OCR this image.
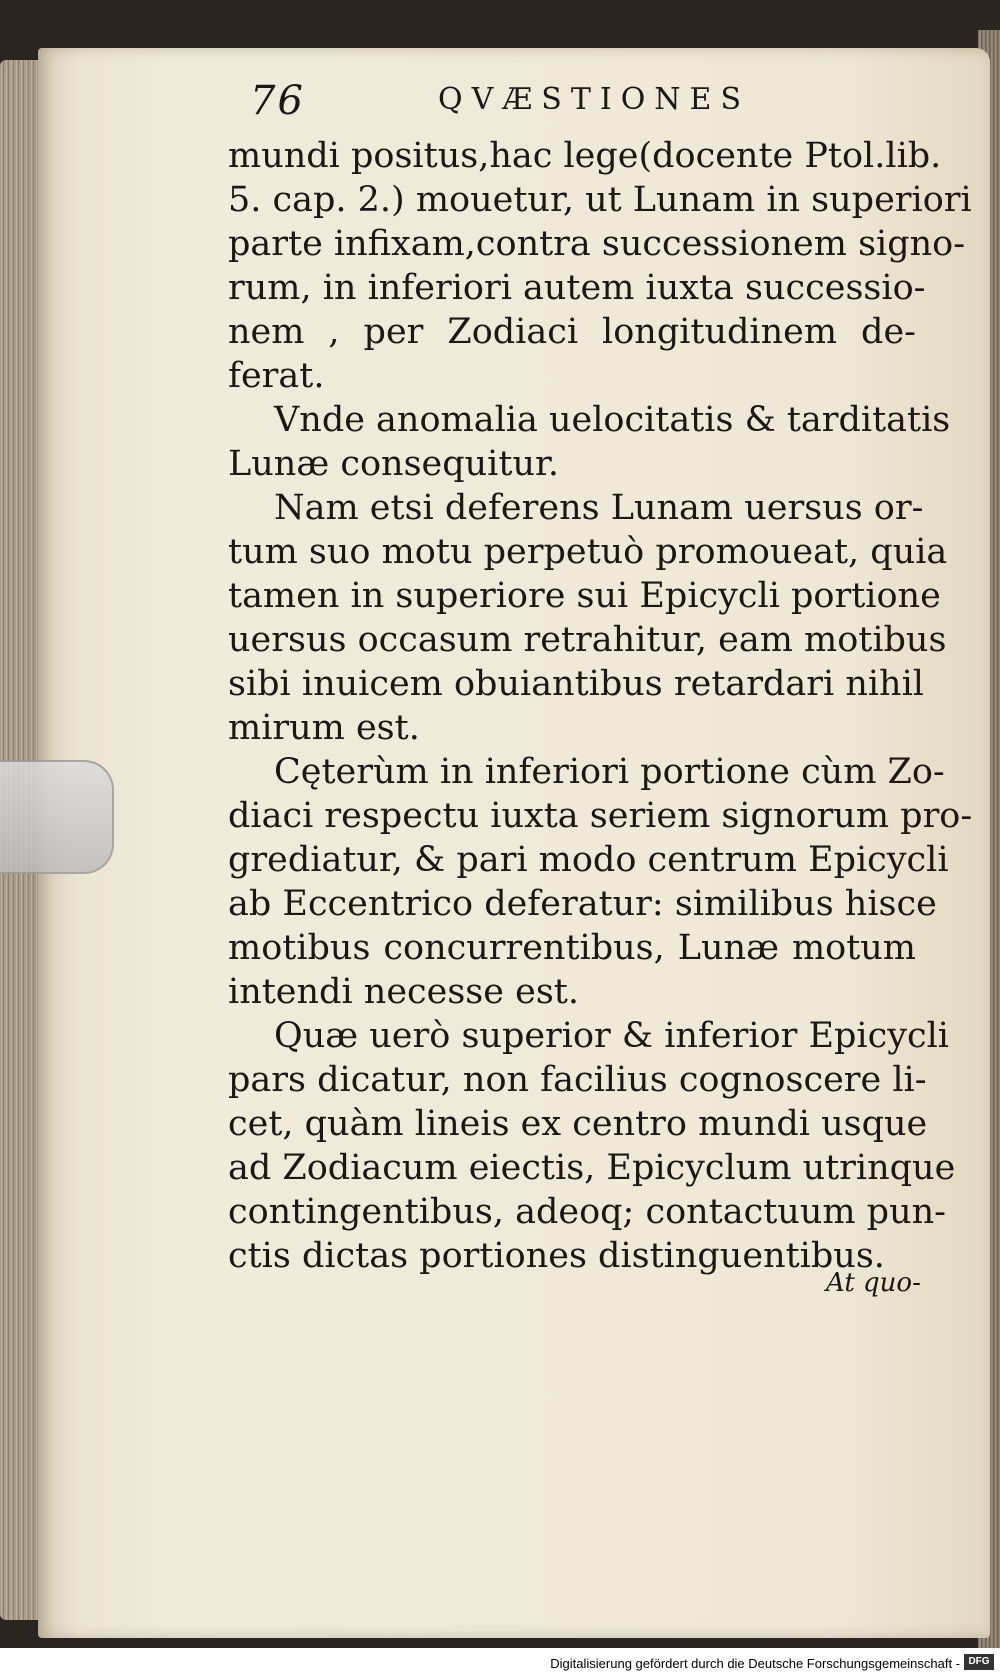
76	QVÆSTIONES
mundi positus,hac lege(docente Ptol.lib.
5. cap. 2.) mouetur, ut Lunam in superiori
parte infixam,contra successionem signo-
rum, in inferiori autem iuxta successio-
nem , per Zodiaci longitudinem de-
ferat.
Vnde anomalia uelocitatis & tarditatis
Lunæ consequitur.
Nam etsi deferens Lunam uersus or-
tum suo motu perpetuò promoueat, quia
tamen in superiore sui Epicycli portione
uersus occasum retrahitur, eam motibus
sibi inuicem obuiantibus retardari nihil
mirum est.
Cęterùm in inferiori portione cùm Zo-
diaci respectu iuxta seriem signorum pro-
grediatur, & pari modo centrum Epicycli
ab Eccentrico deferatur: similibus hisce
motibus concurrentibus, Lunæ motum
intendi necesse est.
Quæ uerò superior & inferior Epicycli
pars dicatur, non facilius cognoscere li-
cet, quàm lineis ex centro mundi usque
ad Zodiacum eiectis, Epicyclum utrinque
contingentibus, adeoq; contactuum pun-
ctis dictas portiones distinguentibus.
At quo-
Digitalisierung gefördert durch die Deutsche Forschungsgemeinschaft - DFG
